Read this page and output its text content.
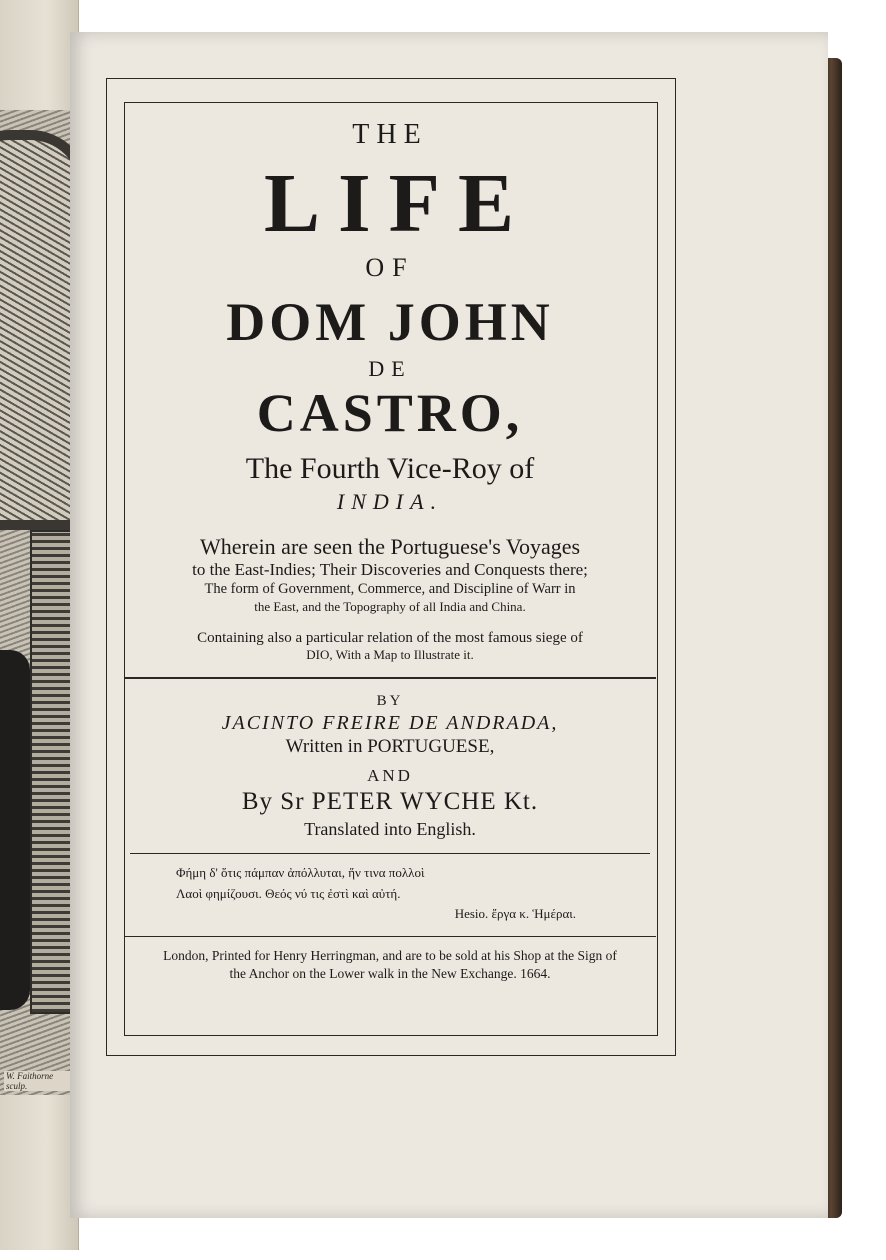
W. Faithorne sculp.
THE
LIFE
OF
DOM JOHN
DE
CASTRO,
The Fourth Vice-Roy of
INDIA.
Wherein are seen the Portuguese's Voyages
to the East-Indies; Their Discoveries and Conquests there;
The form of Government, Commerce, and Discipline of Warr in
the East, and the Topography of all India and China.
Containing also a particular relation of the most famous siege of
DIO, With a Map to Illustrate it.
BY
JACINTO FREIRE DE ANDRADA,
Written in PORTUGUESE,
AND
By Sr PETER WYCHE Kt.
Translated into English.
Φήμη δ' ὅτις πάμπαν ἀπόλλυται, ἥν τινα πολλοὶ
Λαοὶ φημίζουσι. Θεός νύ τις ἐστὶ καὶ αὐτή.
Hesio. ἔργα κ. Ἡμέραι.
London, Printed for Henry Herringman, and are to be sold at his Shop at the Sign of
the Anchor on the Lower walk in the New Exchange. 1664.
